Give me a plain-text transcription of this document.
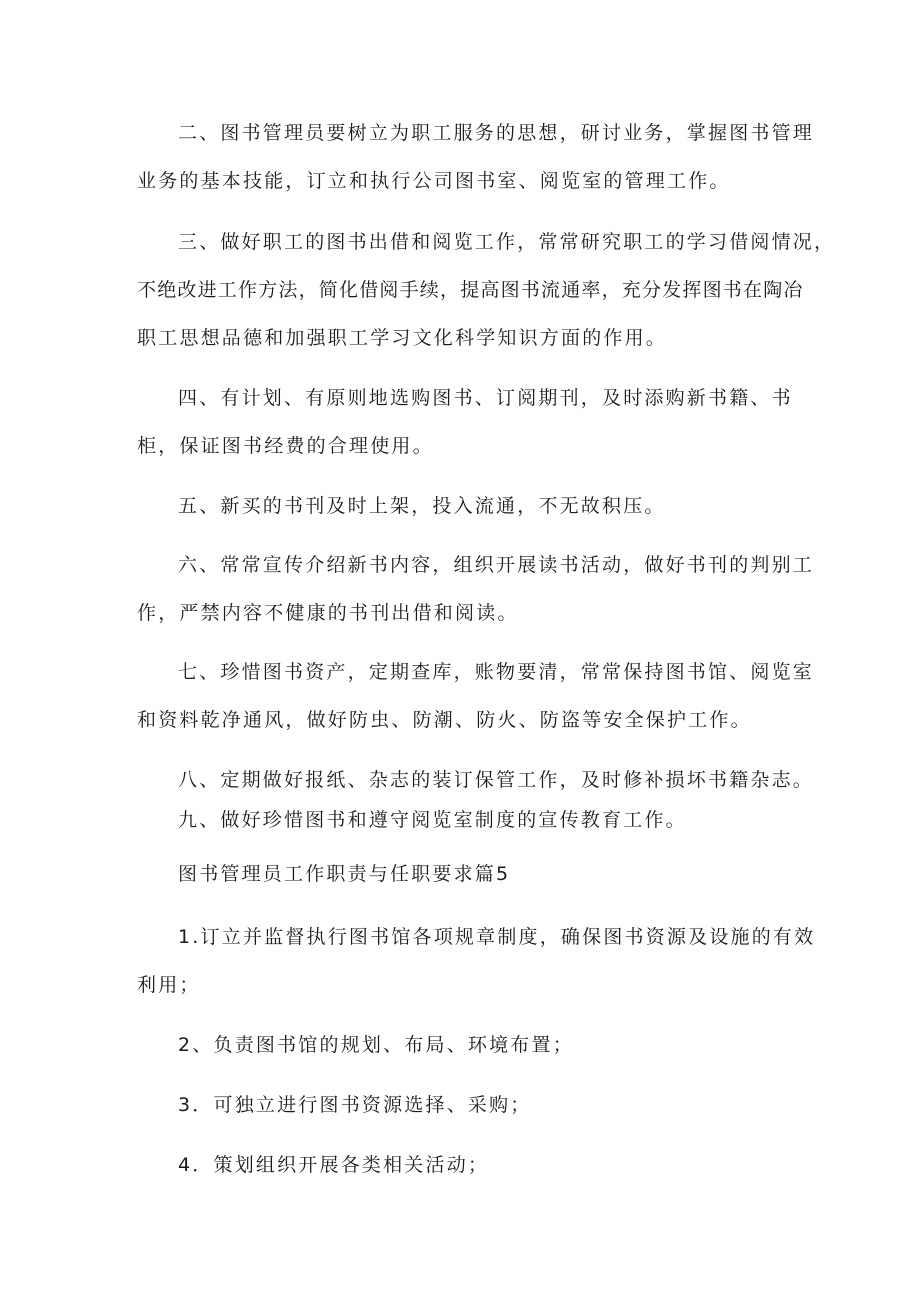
二、图书管理员要树立为职工服务的思想，研讨业务，掌握图书管理
业务的基本技能，订立和执行公司图书室、阅览室的管理工作。
三、做好职工的图书出借和阅览工作，常常研究职工的学习借阅情况，
不绝改进工作方法，简化借阅手续，提高图书流通率，充分发挥图书在陶冶
职工思想品德和加强职工学习文化科学知识方面的作用。
四、有计划、有原则地选购图书、订阅期刊，及时添购新书籍、书
柜，保证图书经费的合理使用。
五、新买的书刊及时上架，投入流通，不无故积压。
六、常常宣传介绍新书内容，组织开展读书活动，做好书刊的判别工
作，严禁内容不健康的书刊出借和阅读。
七、珍惜图书资产，定期查库，账物要清，常常保持图书馆、阅览室
和资料乾净通风，做好防虫、防潮、防火、防盗等安全保护工作。
八、定期做好报纸、杂志的装订保管工作，及时修补损坏书籍杂志。
九、做好珍惜图书和遵守阅览室制度的宣传教育工作。
图书管理员工作职责与任职要求篇5
1.订立并监督执行图书馆各项规章制度，确保图书资源及设施的有效
利用；
2、负责图书馆的规划、布局、环境布置；
3．可独立进行图书资源选择、采购；
4．策划组织开展各类相关活动；
